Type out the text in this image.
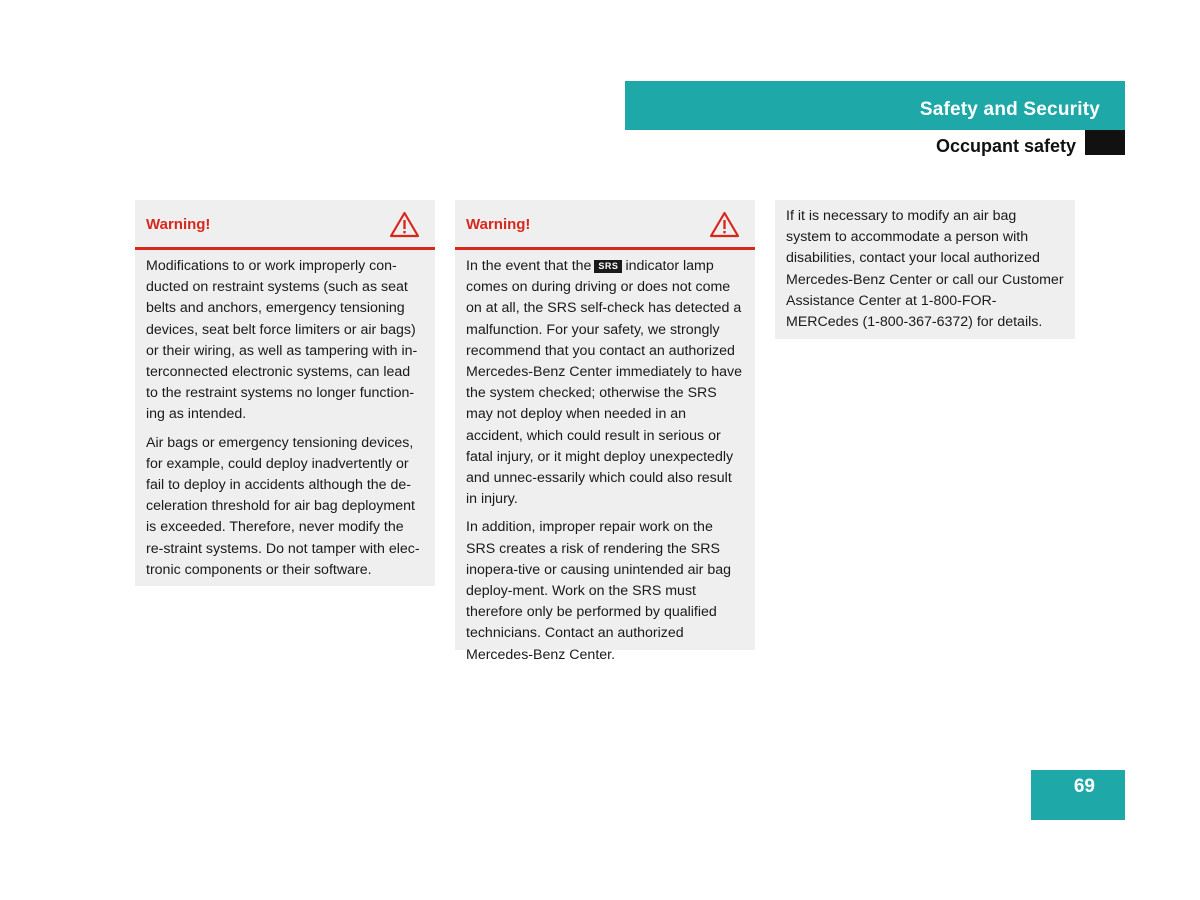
Safety and Security
Occupant safety
Warning!

Modifications to or work improperly con-ducted on restraint systems (such as seat belts and anchors, emergency tensioning devices, seat belt force limiters or air bags) or their wiring, as well as tampering with in-terconnected electronic systems, can lead to the restraint systems no longer function-ing as intended.

Air bags or emergency tensioning devices, for example, could deploy inadvertently or fail to deploy in accidents although the de-celeration threshold for air bag deployment is exceeded. Therefore, never modify the re-straint systems. Do not tamper with elec-tronic components or their software.

Warning!

In the event that the SRS indicator lamp comes on during driving or does not come on at all, the SRS self-check has detected a malfunction. For your safety, we strongly recommend that you contact an authorized Mercedes-Benz Center immediately to have the system checked; otherwise the SRS may not deploy when needed in an accident, which could result in serious or fatal injury, or it might deploy unexpectedly and unnec-essarily which could also result in injury.

In addition, improper repair work on the SRS creates a risk of rendering the SRS inopera-tive or causing unintended air bag deploy-ment. Work on the SRS must therefore only be performed by qualified technicians. Contact an authorized Mercedes-Benz Center.

If it is necessary to modify an air bag system to accommodate a person with disabilities, contact your local authorized Mercedes-Benz Center or call our Customer Assistance Center at 1-800-FOR-MERCedes (1-800-367-6372) for details.

69
